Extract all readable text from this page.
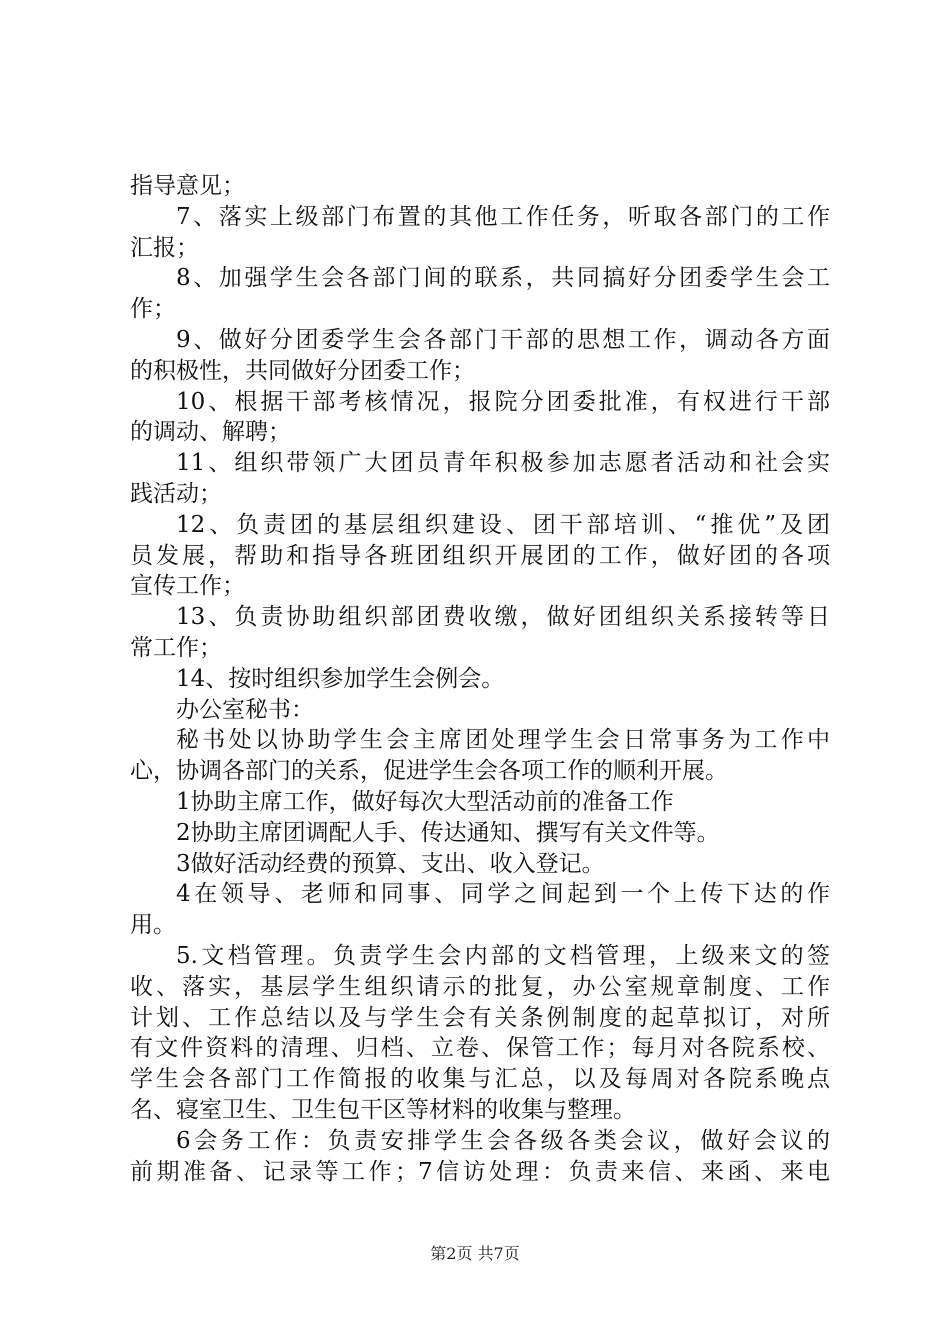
指导意见；
7、落实上级部门布置的其他工作任务，听取各部门的工作
汇报；
8、加强学生会各部门间的联系，共同搞好分团委学生会工
作；
9、做好分团委学生会各部门干部的思想工作，调动各方面
的积极性，共同做好分团委工作；
10、根据干部考核情况，报院分团委批准，有权进行干部
的调动、解聘；
11、组织带领广大团员青年积极参加志愿者活动和社会实
践活动；
12、负责团的基层组织建设、团干部培训、“推优”及团
员发展，帮助和指导各班团组织开展团的工作，做好团的各项
宣传工作；
13、负责协助组织部团费收缴，做好团组织关系接转等日
常工作；
14、按时组织参加学生会例会。
办公室秘书：
秘书处以协助学生会主席团处理学生会日常事务为工作中
心，协调各部门的关系，促进学生会各项工作的顺利开展。
1协助主席工作，做好每次大型活动前的准备工作
2协助主席团调配人手、传达通知、撰写有关文件等。
3做好活动经费的预算、支出、收入登记。
4在领导、老师和同事、同学之间起到一个上传下达的作
用。
5.文档管理。负责学生会内部的文档管理，上级来文的签
收、落实，基层学生组织请示的批复，办公室规章制度、工作
计划、工作总结以及与学生会有关条例制度的起草拟订，对所
有文件资料的清理、归档、立卷、保管工作；每月对各院系校、
学生会各部门工作简报的收集与汇总，以及每周对各院系晚点
名、寝室卫生、卫生包干区等材料的收集与整理。
6会务工作：负责安排学生会各级各类会议，做好会议的
前期准备、记录等工作；7信访处理：负责来信、来函、来电
第2页 共7页
